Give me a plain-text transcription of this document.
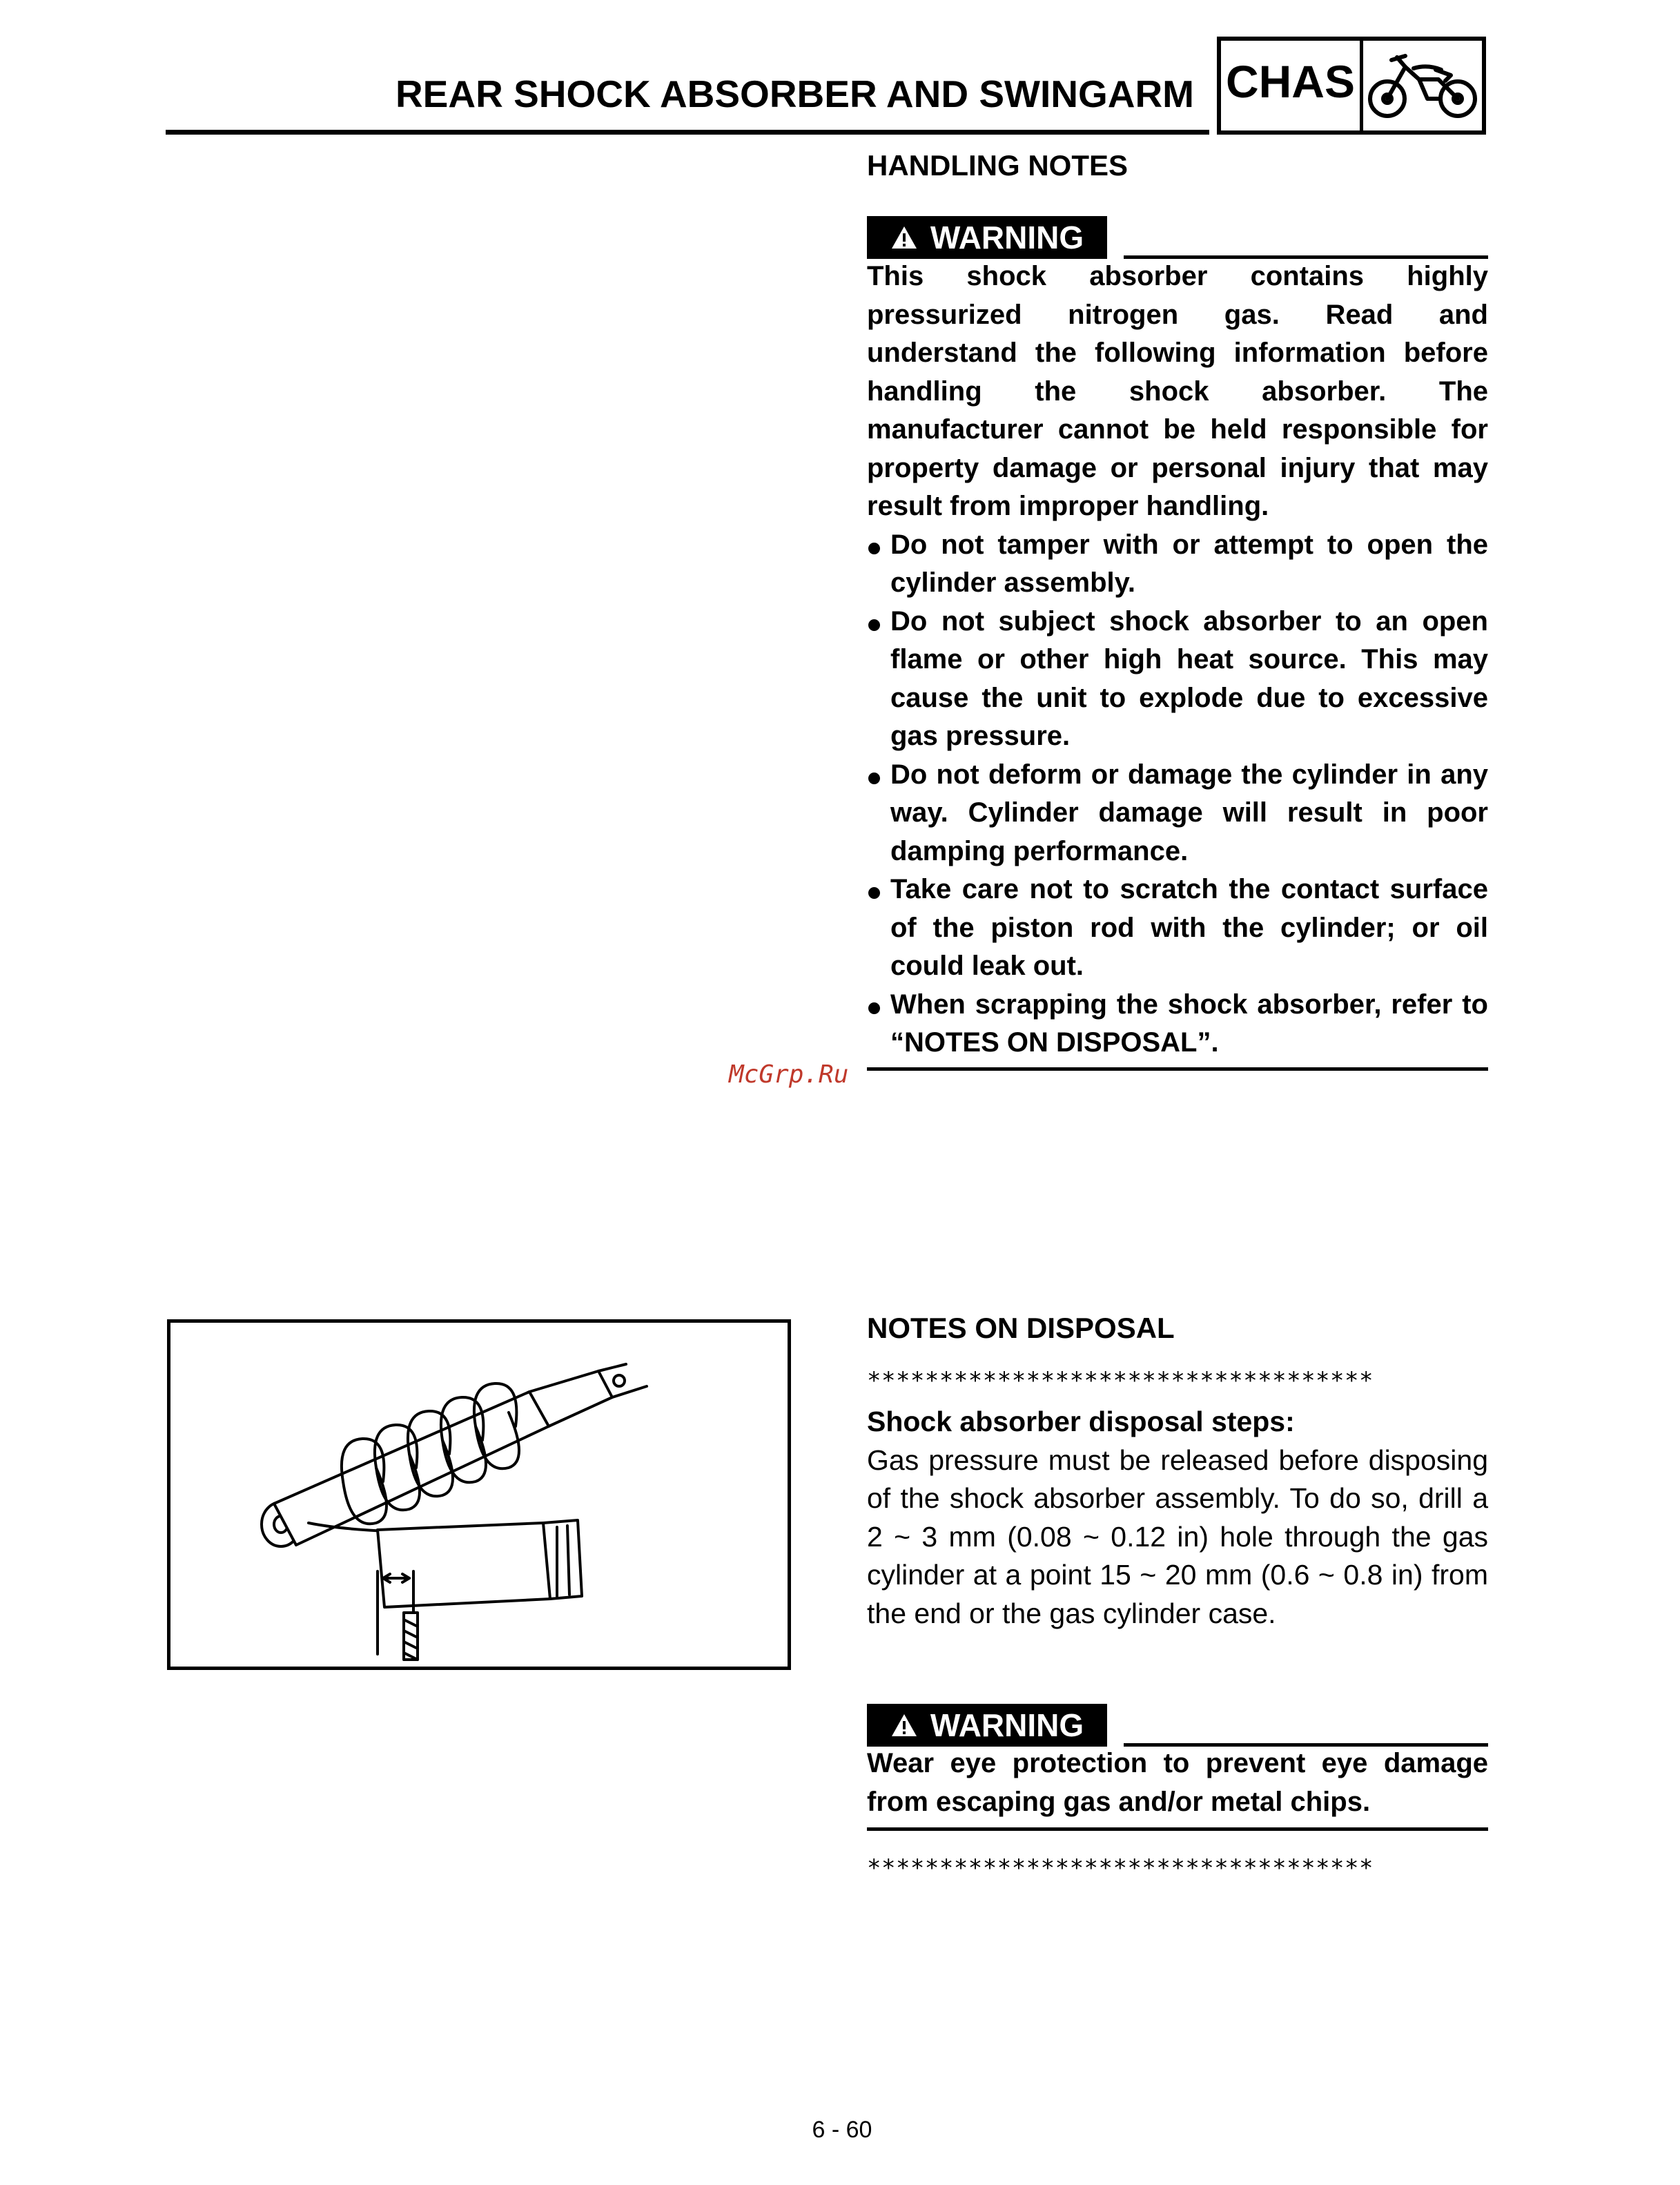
REAR SHOCK ABSORBER AND SWINGARM CHAS
HANDLING NOTES
WARNING
This shock absorber contains highly pressurized nitrogen gas. Read and understand the following information before handling the shock absorber. The manufacturer cannot be held responsible for property damage or personal injury that may result from improper handling.
Do not tamper with or attempt to open the cylinder assembly.
Do not subject shock absorber to an open flame or other high heat source. This may cause the unit to explode due to excessive gas pressure.
Do not deform or damage the cylinder in any way. Cylinder damage will result in poor damping performance.
Take care not to scratch the contact surface of the piston rod with the cylinder; or oil could leak out.
When scrapping the shock absorber, refer to “NOTES ON DISPOSAL”.
McGrp.Ru
NOTES ON DISPOSAL
***********************************
Shock absorber disposal steps:
Gas pressure must be released before disposing of the shock absorber assembly. To do so, drill a 2 ~ 3 mm (0.08 ~ 0.12 in) hole through the gas cylinder at a point 15 ~ 20 mm (0.6 ~ 0.8 in) from the end or the gas cylinder case.
WARNING
Wear eye protection to prevent eye damage from escaping gas and/or metal chips.
***********************************
6 - 60
